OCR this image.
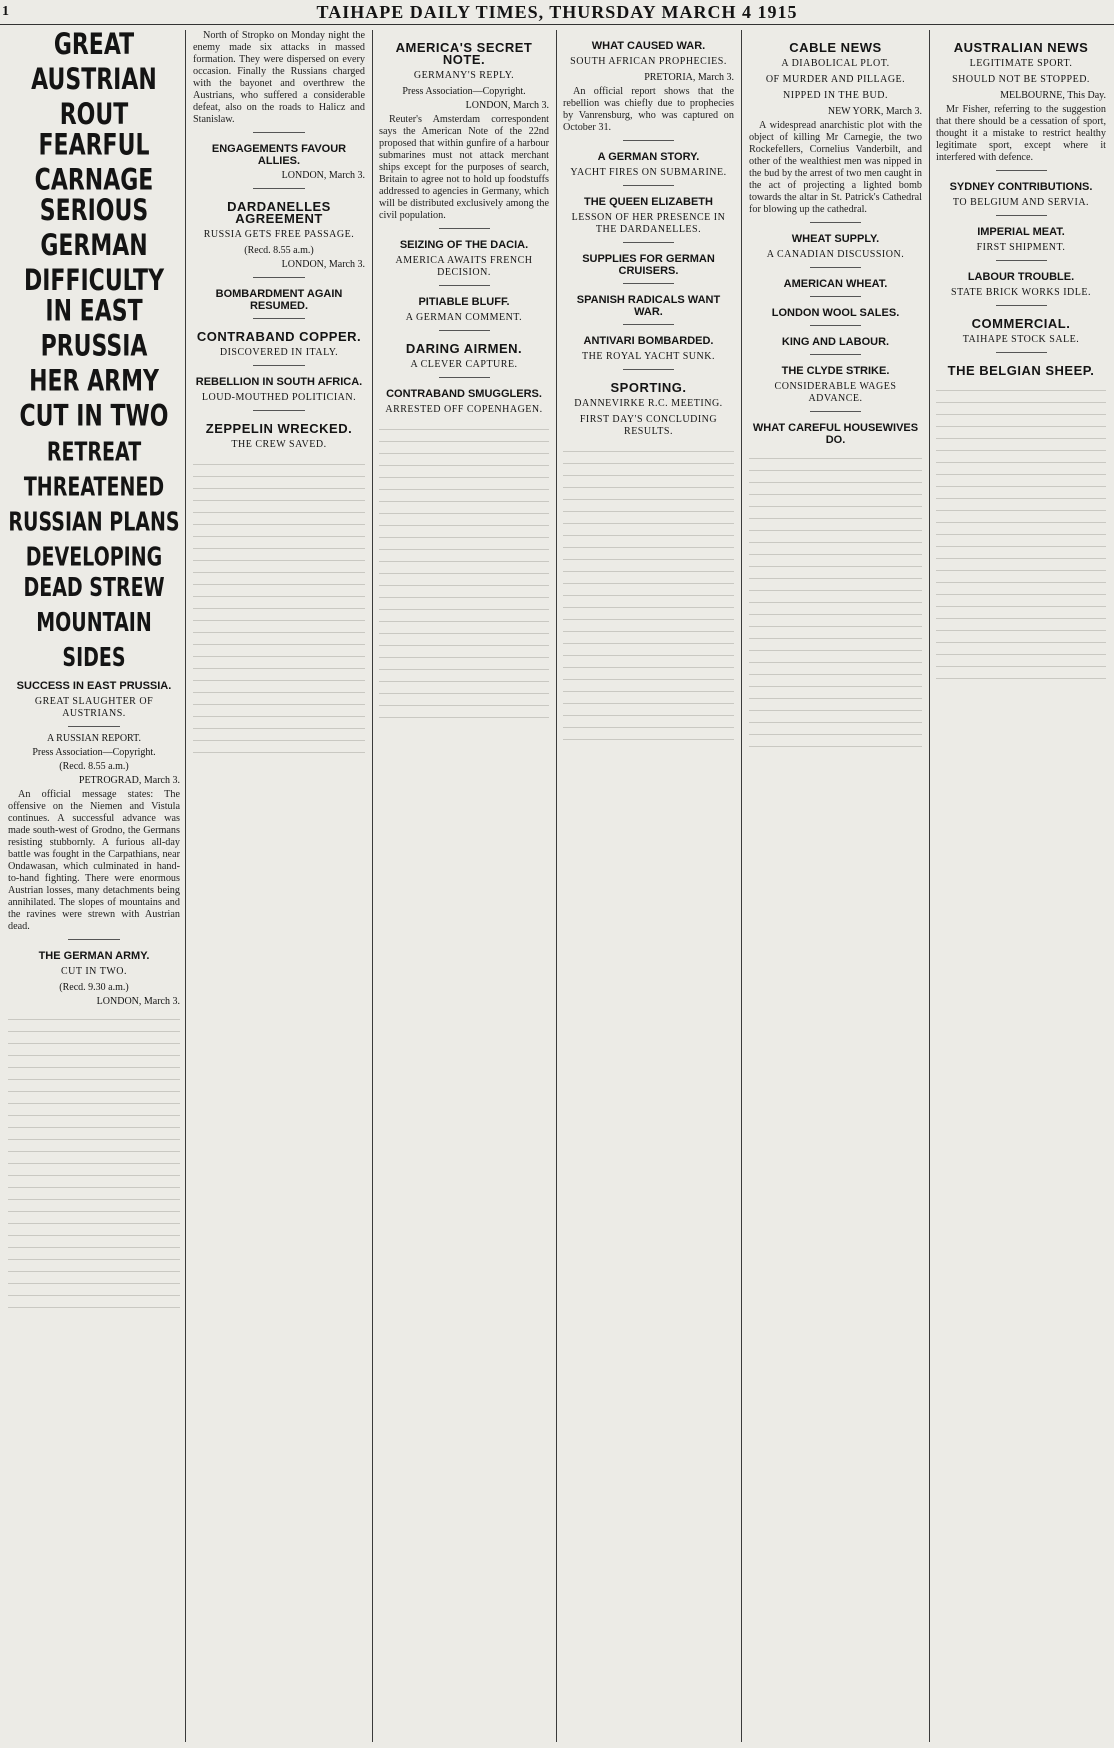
1	TAIHAPE DAILY TIMES, THURSDAY MARCH 4 1915
GREAT AUSTRIAN ROUT
FEARFUL CARNAGE
SERIOUS GERMAN DIFFICULTY
IN EAST PRUSSIA
HER ARMY CUT IN TWO
RETREAT THREATENED
RUSSIAN PLANS DEVELOPING
DEAD STREW MOUNTAIN SIDES
SUCCESS IN EAST PRUSSIA.
GREAT SLAUGHTER OF AUSTRIANS.
A RUSSIAN REPORT.
Press Association—Copyright.
(Recd. 8.55 a.m.)
PETROGRAD, March 3.

An official message states: The offensive on the Niemen and Vistula continues. A successful advance was made south-west of Grodno, the Germans resisting stubbornly. A furious all-day battle was fought in the Carpathians, near Ondawasan, which culminated in hand-to-hand fighting. There were enormous Austrian losses, many detachments being annihilated. The slopes of mountains and the ravines were strewn with Austrian dead.

THE GERMAN ARMY.
CUT IN TWO.
(Recd. 9.30 a.m.)
LONDON, March 3.

North of Stropko on Monday night the enemy made six attacks in massed formation. They were dispersed on every occasion. Finally the Russians charged with the bayonet and overthrew the Austrians, who suffered a considerable defeat, also on the roads to Halicz and Stanislaw.

ENGAGEMENTS FAVOUR ALLIES.
LONDON, March 3.
DARDANELLES AGREEMENT
RUSSIA GETS FREE PASSAGE.
(Recd. 8.55 a.m.)
LONDON, March 3.
BOMBARDMENT AGAIN RESUMED.
CONTRABAND COPPER.
DISCOVERED IN ITALY.
REBELLION IN SOUTH AFRICA.
LOUD-MOUTHED POLITICIAN.
ZEPPELIN WRECKED.
THE CREW SAVED.
AMERICA'S SECRET NOTE.
GERMANY'S REPLY.
Press Association—Copyright.
LONDON, March 3.

Reuter's Amsterdam correspondent says the American Note of the 22nd proposed that within gunfire of a harbour submarines must not attack merchant ships except for the purposes of search, Britain to agree not to hold up foodstuffs addressed to agencies in Germany, which will be distributed exclusively among the civil population.

SEIZING OF THE DACIA.
AMERICA AWAITS FRENCH DECISION.
PITIABLE BLUFF.
A GERMAN COMMENT.
DARING AIRMEN.
A CLEVER CAPTURE.
CONTRABAND SMUGGLERS.
ARRESTED OFF COPENHAGEN.
WHAT CAUSED WAR.
SOUTH AFRICAN PROPHECIES.
PRETORIA, March 3.

An official report shows that the rebellion was chiefly due to prophecies by Vanrensburg, who was captured on October 31.

A GERMAN STORY.
YACHT FIRES ON SUBMARINE.
THE QUEEN ELIZABETH
LESSON OF HER PRESENCE IN THE DARDANELLES.
SUPPLIES FOR GERMAN CRUISERS.
SPANISH RADICALS WANT WAR.
ANTIVARI BOMBARDED.
THE ROYAL YACHT SUNK.
SPORTING.
DANNEVIRKE R.C. MEETING.
FIRST DAY'S CONCLUDING RESULTS.
CABLE NEWS
A DIABOLICAL PLOT.
OF MURDER AND PILLAGE.
NIPPED IN THE BUD.
NEW YORK, March 3.

A widespread anarchistic plot with the object of killing Mr Carnegie, the two Rockefellers, Cornelius Vanderbilt, and other of the wealthiest men was nipped in the bud by the arrest of two men caught in the act of projecting a lighted bomb towards the altar in St. Patrick's Cathedral for blowing up the cathedral.

WHEAT SUPPLY.
A CANADIAN DISCUSSION.
AMERICAN WHEAT.
LONDON WOOL SALES.
KING AND LABOUR.
THE CLYDE STRIKE.
CONSIDERABLE WAGES ADVANCE.
WHAT CAREFUL HOUSEWIVES DO.
AUSTRALIAN NEWS
LEGITIMATE SPORT.
SHOULD NOT BE STOPPED.
MELBOURNE, This Day.

Mr Fisher, referring to the suggestion that there should be a cessation of sport, thought it a mistake to restrict healthy legitimate sport, except where it interfered with defence.

SYDNEY CONTRIBUTIONS.
TO BELGIUM AND SERVIA.
IMPERIAL MEAT.
FIRST SHIPMENT.
LABOUR TROUBLE.
STATE BRICK WORKS IDLE.
COMMERCIAL.
TAIHAPE STOCK SALE.
THE BELGIAN SHEEP.
